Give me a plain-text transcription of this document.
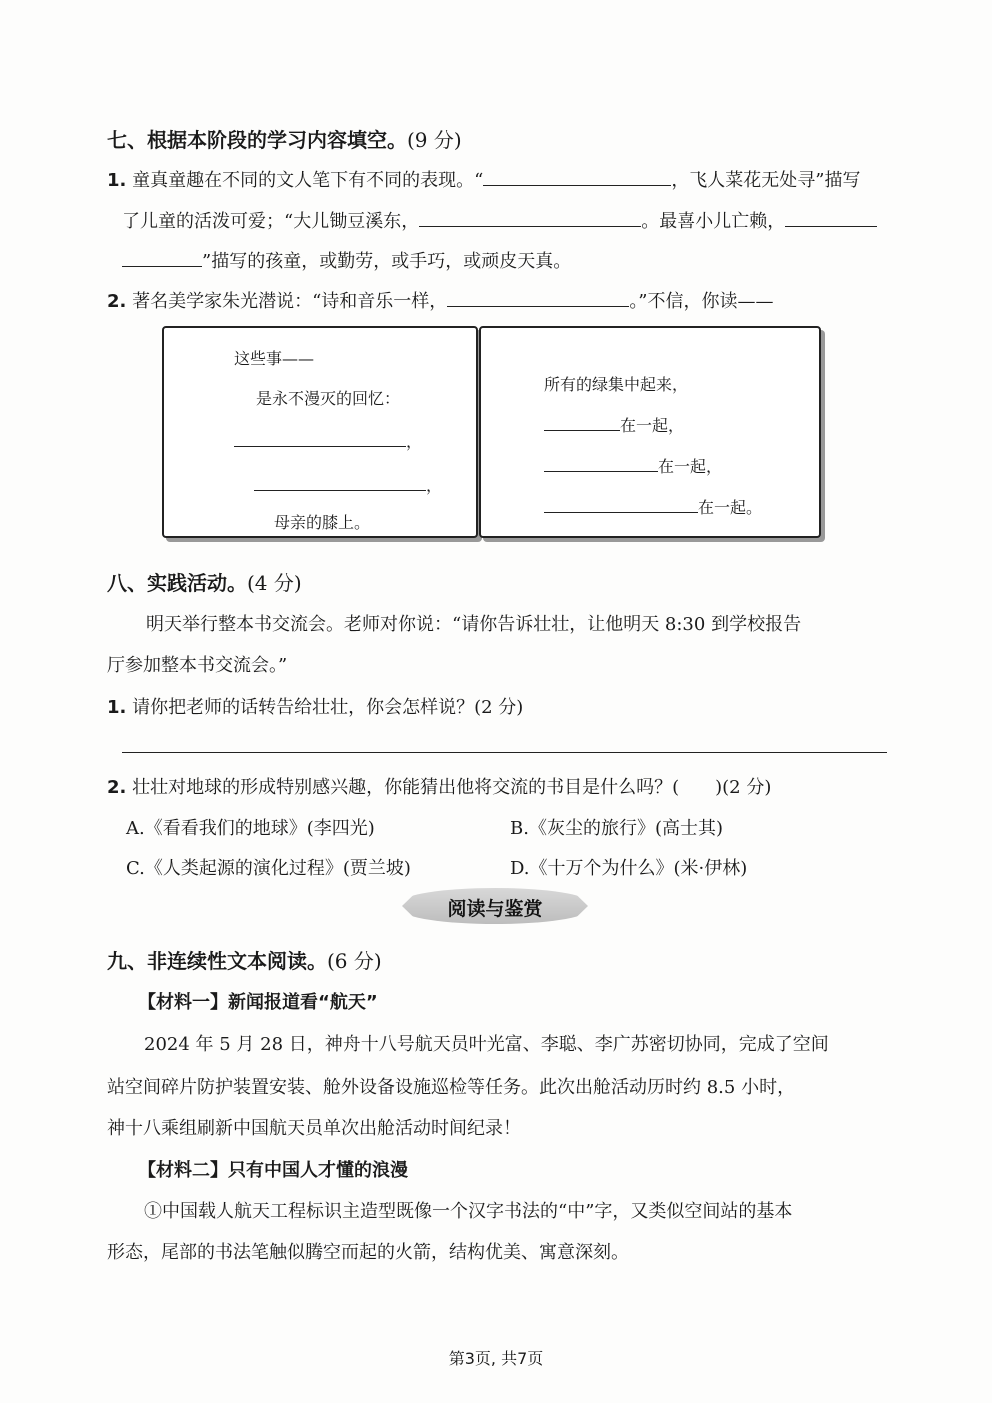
七、根据本阶段的学习内容填空。(9 分)
1. 童真童趣在不同的文人笔下有不同的表现。“	，飞人菜花无处寻”描写
了儿童的活泼可爱；“大儿锄豆溪东，	。最喜小儿亡赖，
”描写的孩童，或勤劳，或手巧，或顽皮天真。
2. 著名美学家朱光潜说：“诗和音乐一样，	。”不信，你读——
这些事——
是永不漫灭的回忆：
，
，
母亲的膝上。
所有的绿集中起来，
在一起，
在一起，
在一起。
八、实践活动。(4 分)
明天举行整本书交流会。老师对你说：“请你告诉壮壮，让他明天 8:30 到学校报告
厅参加整本书交流会。”
1. 请你把老师的话转告给壮壮，你会怎样说？(2 分)
2. 壮壮对地球的形成特别感兴趣，你能猜出他将交流的书目是什么吗？(　　)(2 分)
A.《看看我们的地球》(李四光)	B.《灰尘的旅行》(高士其)
C.《人类起源的演化过程》(贾兰坡)	D.《十万个为什么》(米·伊林)
阅读与鉴赏
九、非连续性文本阅读。(6 分)
【材料一】新闻报道看“航天”
2024 年 5 月 28 日，神舟十八号航天员叶光富、李聪、李广苏密切协同，完成了空间
站空间碎片防护装置安装、舱外设备设施巡检等任务。此次出舱活动历时约 8.5 小时，
神十八乘组刷新中国航天员单次出舱活动时间纪录！
【材料二】只有中国人才懂的浪漫
①中国载人航天工程标识主造型既像一个汉字书法的“中”字，又类似空间站的基本
形态，尾部的书法笔触似腾空而起的火箭，结构优美、寓意深刻。
第3页, 共7页
